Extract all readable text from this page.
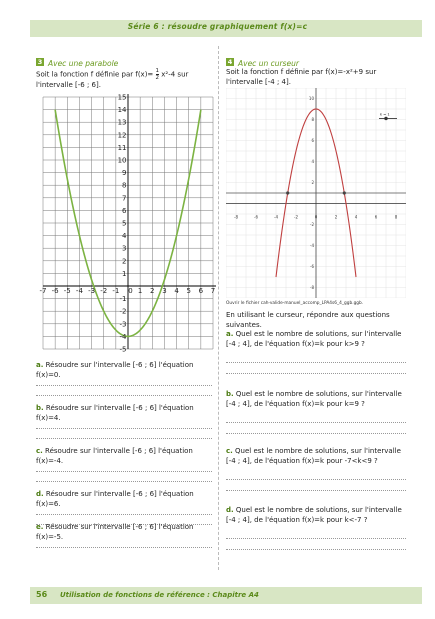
Série 6 : résoudre graphiquement f(x)=c
3 Avec une parabole
Soit la fonction f définie par $f(x)= \frac{1}{2} x^2-4$ sur
l'intervalle [-6 ; 6].
-7 -6 -5 -4 -3 -2 -1 0 1 2 3 4 5 6 7
15
14
13
12
11
10
9
8
7
6
5
4
3
2
1
-1
-2
-3
-4
-5
a. Résoudre sur l'intervalle [-6 ; 6] l'équation f(x)=0.
b. Résoudre sur l'intervalle [-6 ; 6] l'équation f(x)=4.
c. Résoudre sur l'intervalle [-6 ; 6] l'équation f(x)=-4.
d. Résoudre sur l'intervalle [-6 ; 6] l'équation f(x)=6.
e. Résoudre sur l'intervalle [-6 ; 6] l'équation f(x)=-5.
4 Avec un curseur
Soit la fonction f définie par f(x)=-x²+9 sur
l'intervalle [-4 ; 4].
-8	-6	-4	-2	0	2	4	6	8
10
8
6
4
2
-2
-4
-6
-8
k = 1
Ouvrir le fichier cah-valide-manuel_accomp_LPA4s6_4_ggb.ggb.
En utilisant le curseur, répondre aux questions suivantes.
a. Quel est le nombre de solutions, sur l'intervalle [-4 ; 4], de l'équation f(x)=k pour k>9 ?
b. Quel est le nombre de solutions, sur l'intervalle [-4 ; 4], de l'équation f(x)=k pour k=9 ?
c. Quel est le nombre de solutions, sur l'intervalle [-4 ; 4], de l'équation f(x)=k pour -7<k<9 ?
d. Quel est le nombre de solutions, sur l'intervalle [-4 ; 4], de l'équation f(x)=k pour k<-7 ?
56 Utilisation de fonctions de référence : Chapitre A4
